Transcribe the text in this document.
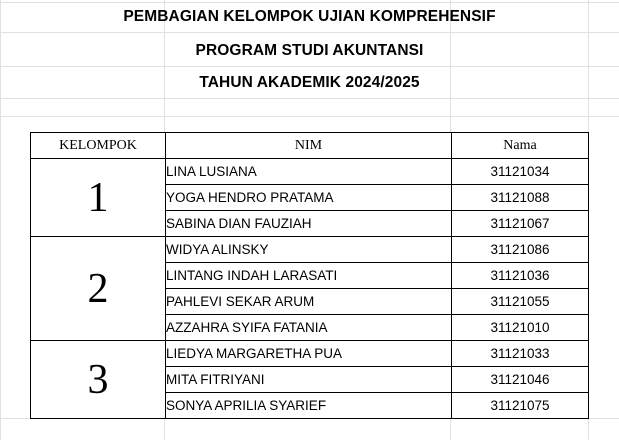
PEMBAGIAN KELOMPOK UJIAN KOMPREHENSIF
PROGRAM STUDI AKUNTANSI
TAHUN AKADEMIK 2024/2025
KELOMPOK	NIM	Nama
1	LINA LUSIANA	31121034
	YOGA HENDRO PRATAMA	31121088
	SABINA DIAN FAUZIAH	31121067
2	WIDYA ALINSKY	31121086
	LINTANG INDAH LARASATI	31121036
	PAHLEVI SEKAR ARUM	31121055
	AZZAHRA SYIFA FATANIA	31121010
3	LIEDYA MARGARETHA PUA	31121033
	MITA FITRIYANI	31121046
	SONYA APRILIA SYARIEF	31121075
